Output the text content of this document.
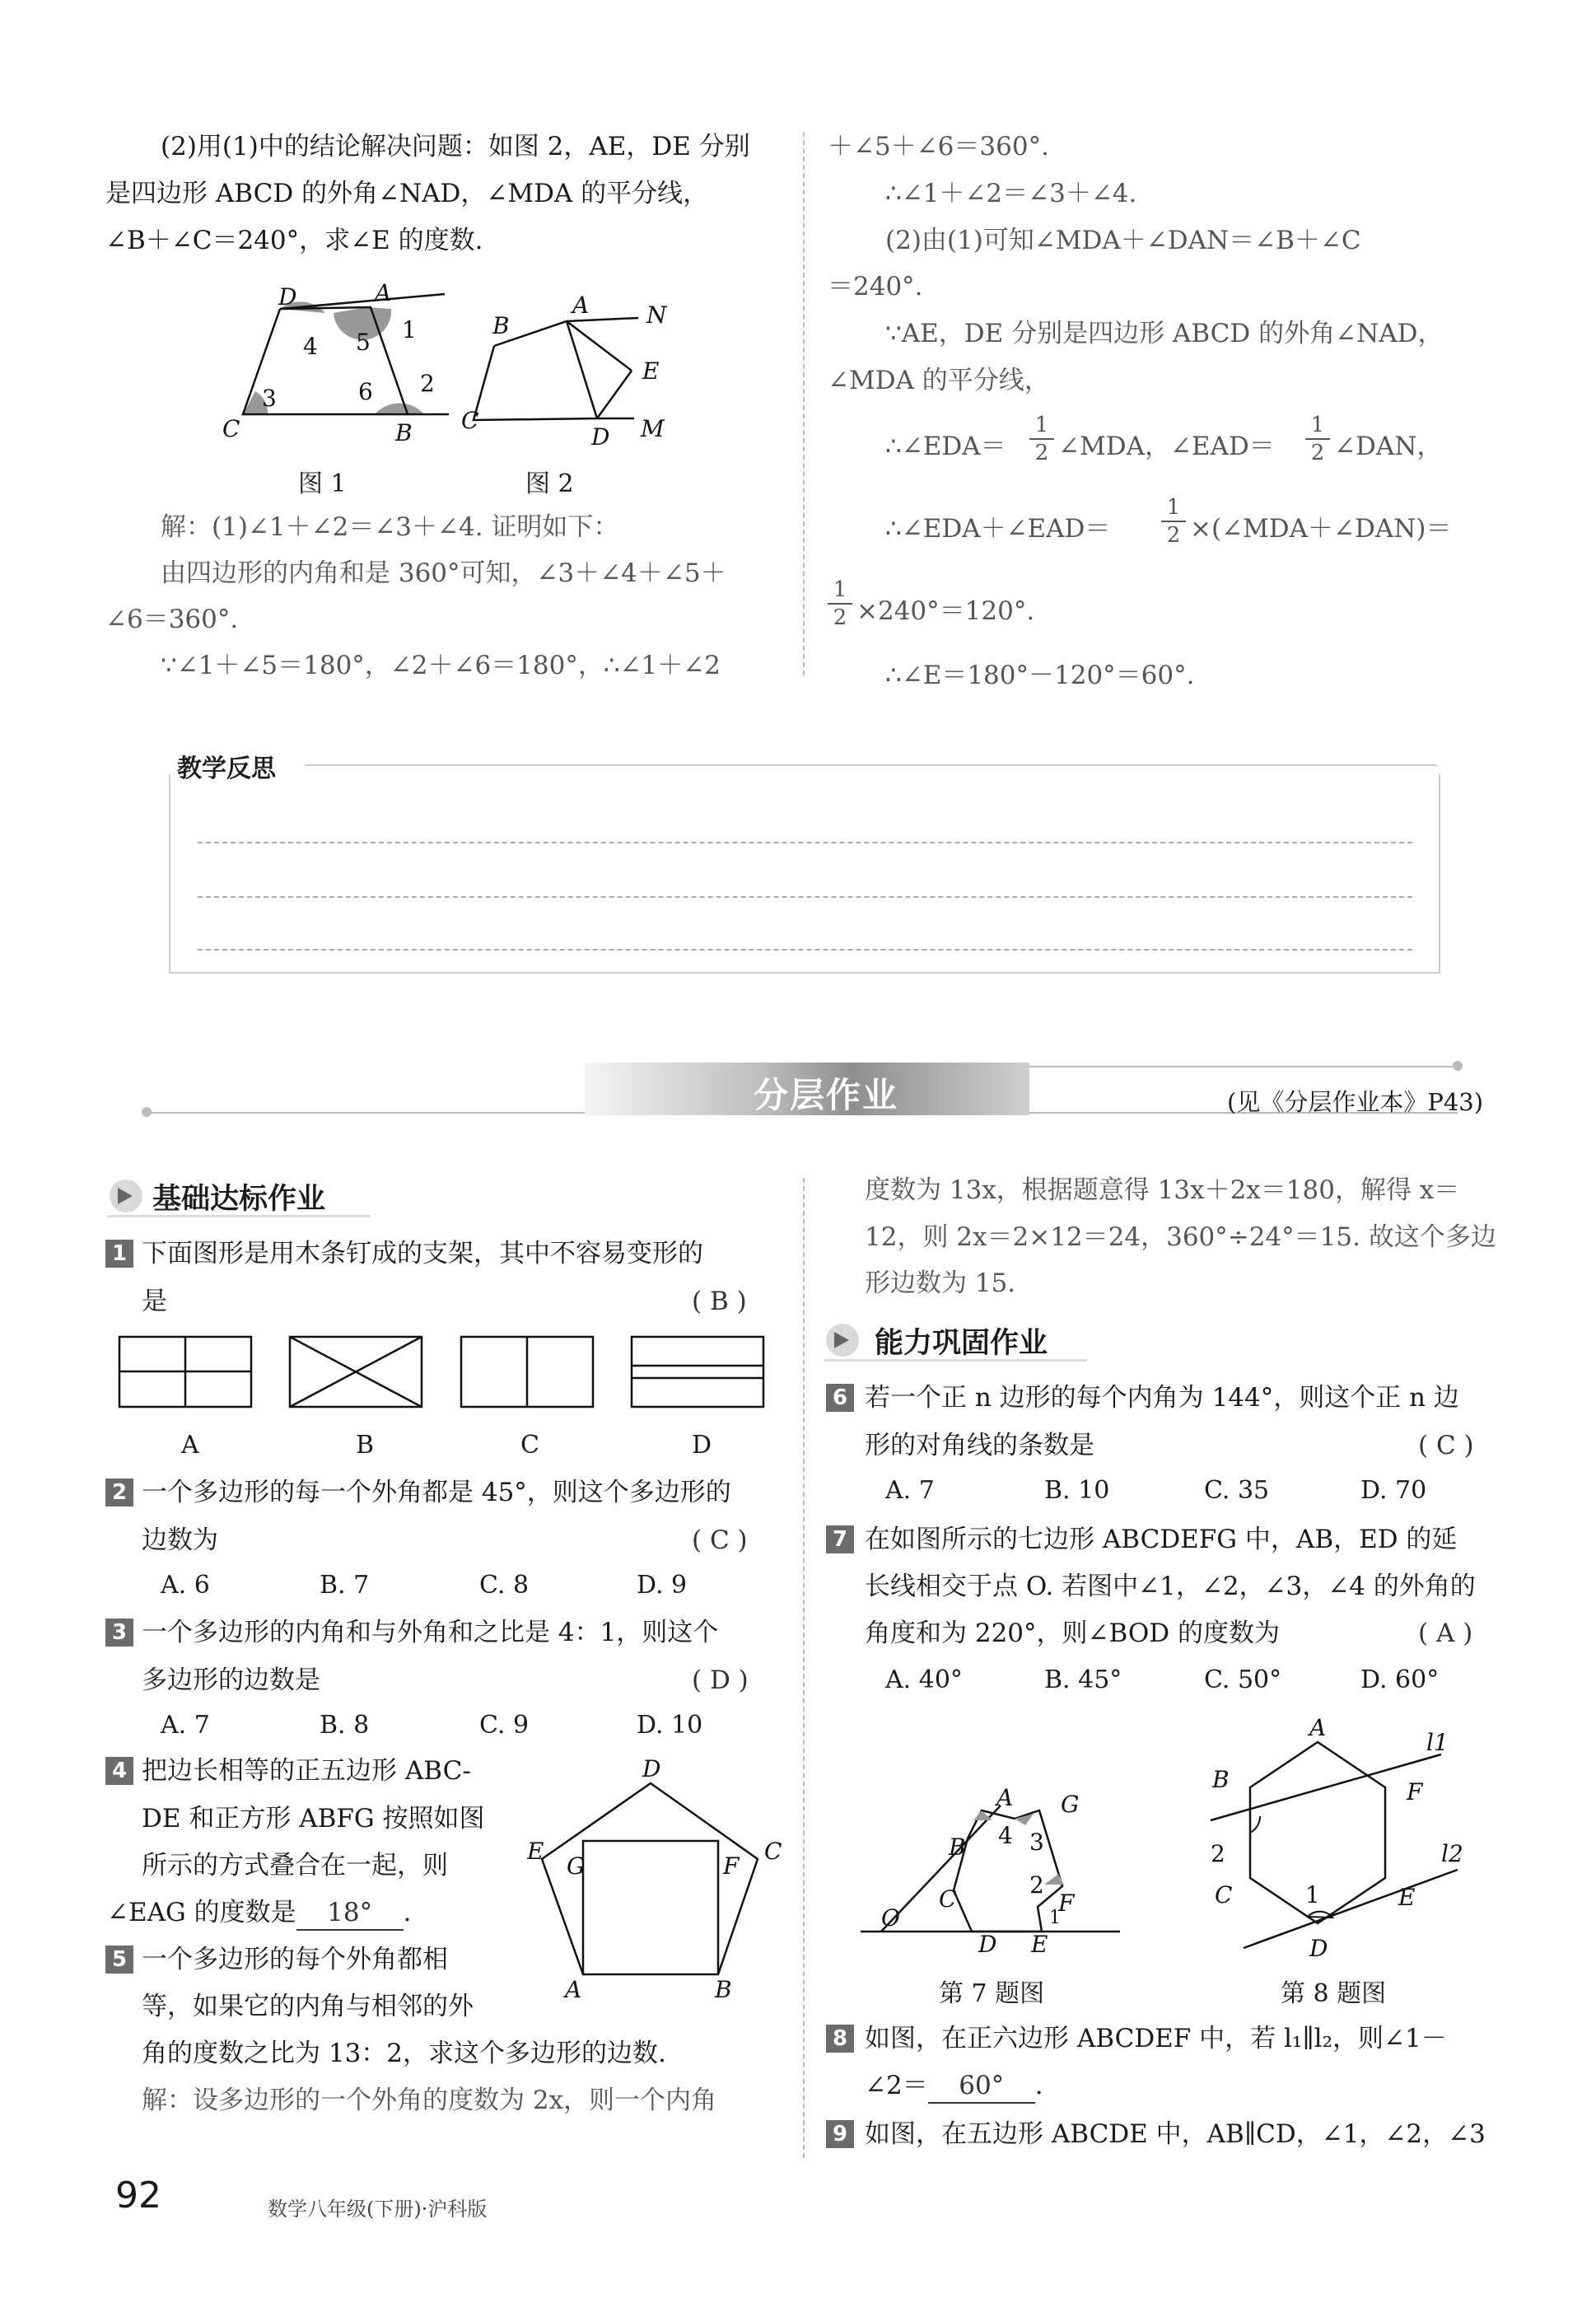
(2)用(1)中的结论解决问题：如图 2，AE，DE 分别
是四边形 ABCD 的外角∠NAD，∠MDA 的平分线，
∠B＋∠C＝240°，求∠E 的度数.
D	A
1
4 5
3	6 2
C	B
图 1
B
A N
E
C
D M
图 2
解：(1)∠1＋∠2＝∠3＋∠4. 证明如下：
由四边形的内角和是 360°可知，∠3＋∠4＋∠5＋
∠6＝360°.
∵∠1＋∠5＝180°，∠2＋∠6＝180°，∴∠1＋∠2
＋∠5＋∠6＝360°.
∴∠1＋∠2＝∠3＋∠4.
(2)由(1)可知∠MDA＋∠DAN＝∠B＋∠C
＝240°.
∵AE，DE 分别是四边形 ABCD 的外角∠NAD，
∠MDA 的平分线，
∴∠EDA＝
1
2 ∠MDA，∠EAD＝
1
2 ∠DAN，
∴∠EDA＋∠EAD＝
1
2 ×(∠MDA＋∠DAN)＝
1
2 ×240°＝120°.
∴∠E＝180°－120°＝60°.
教学反思
分层作业	(见《分层作业本》P43)
基础达标作业
1 下面图形是用木条钉成的支架，其中不容易变形的
是	( B )
A	B	C	D
2 一个多边形的每一个外角都是 45°，则这个多边形的
边数为	( C )
A. 6	B. 7	C. 8	D. 9
3 一个多边形的内角和与外角和之比是 4：1，则这个
多边形的边数是	( D )
A. 7	B. 8	C. 9	D. 10
4 把边长相等的正五边形 ABC-
DE 和正方形 ABFG 按照如图
所示的方式叠合在一起，则
∠EAG 的度数是 18° .
D
E	C
G	F
A	B
5 一个多边形的每个外角都相
等，如果它的内角与相邻的外
角的度数之比为 13：2，求这个多边形的边数.
解：设多边形的一个外角的度数为 2x，则一个内角
度数为 13x，根据题意得 13x＋2x＝180，解得 x＝
12，则 2x＝2×12＝24，360°÷24°＝15. 故这个多边
形边数为 15.
能力巩固作业
6 若一个正 n 边形的每个内角为 144°，则这个正 n 边
形的对角线的条数是	( C )
A. 7	B. 10	C. 35	D. 70
7 在如图所示的七边形 ABCDEFG 中，AB，ED 的延
长线相交于点 O. 若图中∠1，∠2，∠3，∠4 的外角的
角度和为 220°，则∠BOD 的度数为	( A )
A. 40°	B. 45°	C. 50°	D. 60°
A G
4 3
B
2
F
C
O
D E
1
第 7 题图
A
l1
B	F
2	l2
C	1	E
D
第 8 题图
8 如图，在正六边形 ABCDEF 中，若 l₁∥l₂，则∠1－
∠2＝ 60° .
9 如图，在五边形 ABCDE 中，AB∥CD，∠1，∠2，∠3
92	数学八年级(下册)·沪科版
